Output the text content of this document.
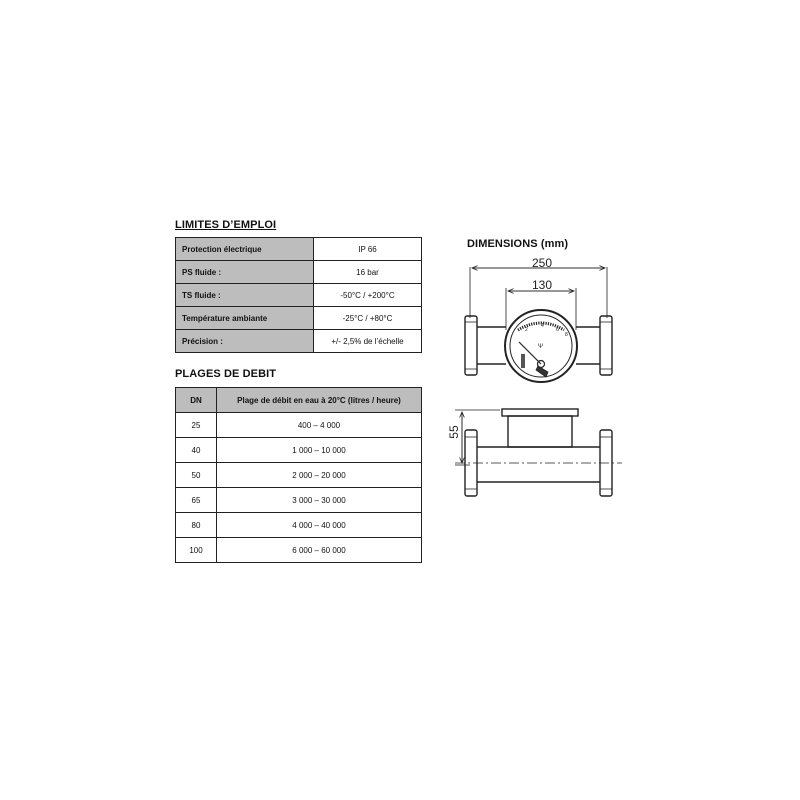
LIMITES D’EMPLOI
Protection électrique	IP 66
PS fluide :	16 bar
TS fluide :	-50°C / +200°C
Température ambiante	-25°C / +80°C
Précision :	+/- 2,5% de l’échelle
PLAGES DE DEBIT
DN	Plage de débit en eau à 20°C (litres / heure)
25	400 – 4 000
40	1 000 – 10 000
50	2 000 – 20 000
65	3 000 – 30 000
80	4 000 – 40 000
100	6 000 – 60 000
DIMENSIONS (mm)
2
4
6
8
Ψ
250
130
55
